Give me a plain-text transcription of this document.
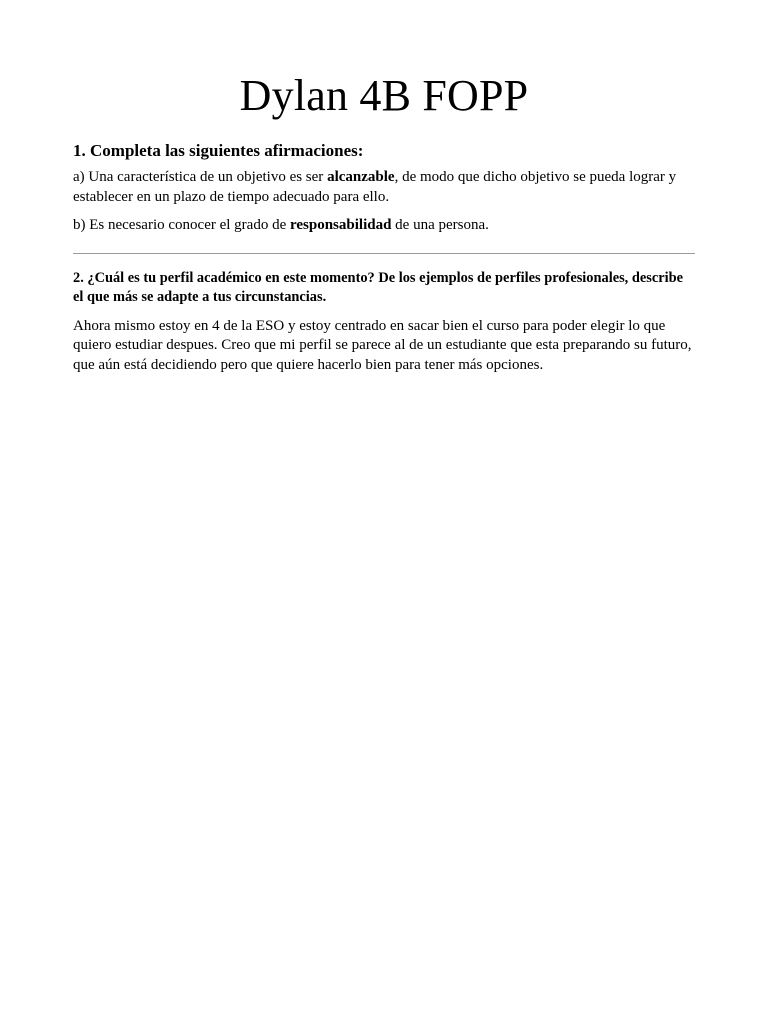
Dylan 4B FOPP
1. Completa las siguientes afirmaciones:

a) Una característica de un objetivo es ser alcanzable, de modo que dicho objetivo se pueda lograr y establecer en un plazo de tiempo adecuado para ello.

b) Es necesario conocer el grado de responsabilidad de una persona.

2. ¿Cuál es tu perfil académico en este momento? De los ejemplos de perfiles profesionales, describe el que más se adapte a tus circunstancias.

Ahora mismo estoy en 4 de la ESO y estoy centrado en sacar bien el curso para poder elegir lo que quiero estudiar despues. Creo que mi perfil se parece al de un estudiante que esta preparando su futuro, que aún está decidiendo pero que quiere hacerlo bien para tener más opciones.
